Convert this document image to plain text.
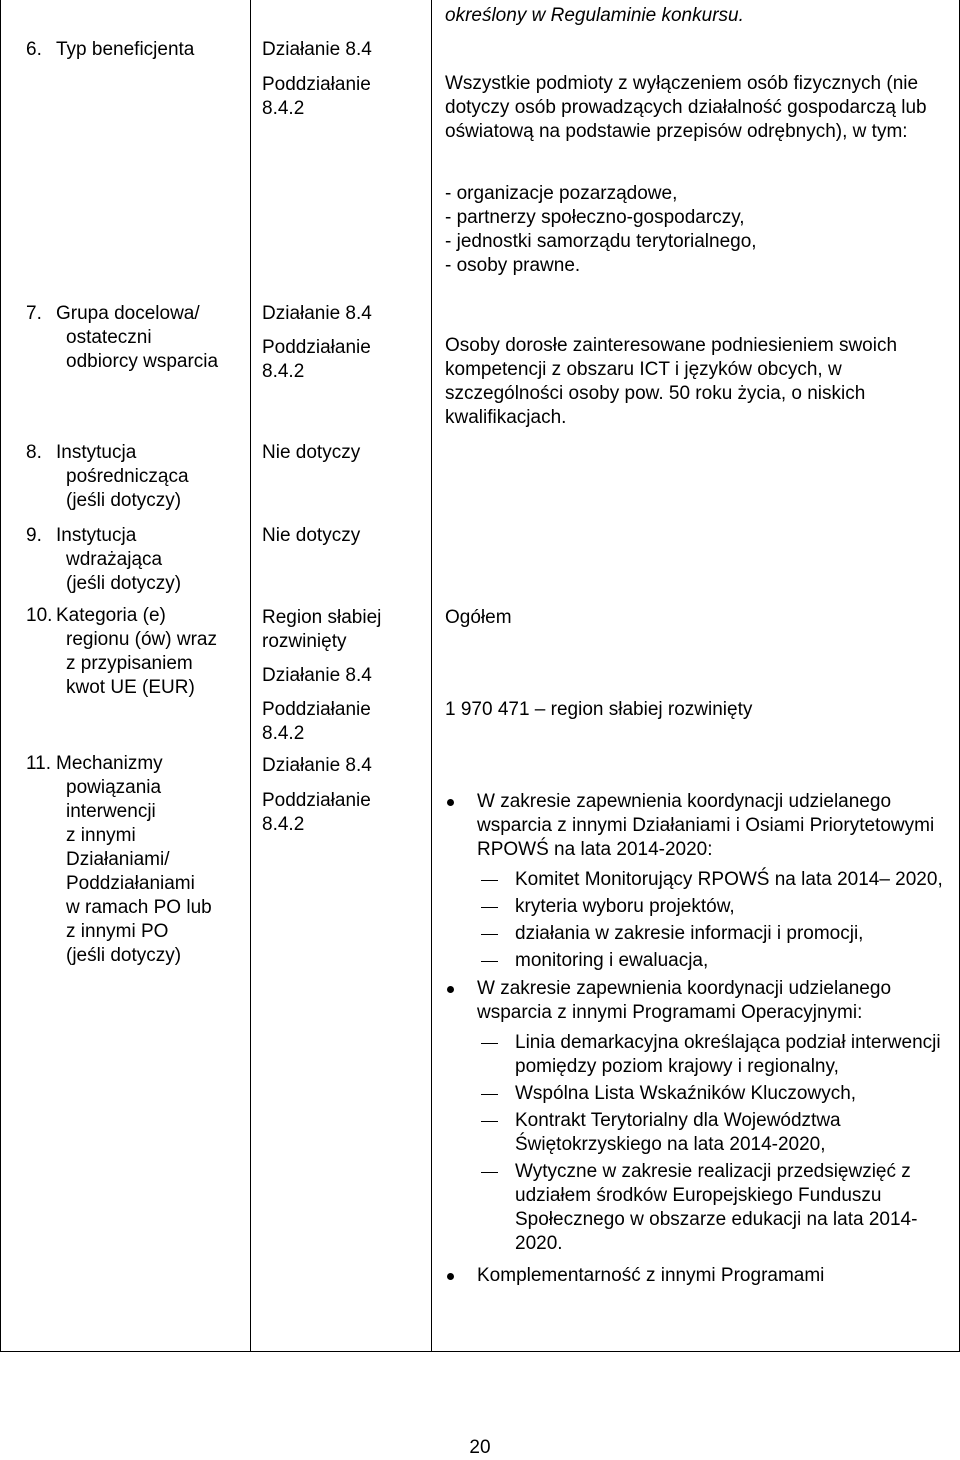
określony w Regulaminie konkursu.
6. Typ beneficjenta	Działanie 8.4
Poddziałanie
8.4.2
Wszystkie podmioty z wyłączeniem osób fizycznych (nie dotyczy osób prowadzących działalność gospodarczą lub oświatową na podstawie przepisów odrębnych), w tym:
- organizacje pozarządowe,
- partnerzy społeczno-gospodarczy,
- jednostki samorządu terytorialnego,
- osoby prawne.
7. Grupa docelowa/
ostateczni
odbiorcy wsparcia
Działanie 8.4
Poddziałanie
8.4.2
Osoby dorosłe zainteresowane podniesieniem swoich kompetencji z obszaru ICT i języków obcych, w szczególności osoby pow. 50 roku życia, o niskich kwalifikacjach.
8. Instytucja
pośrednicząca
(jeśli dotyczy)
Nie dotyczy
9. Instytucja
wdrażająca
(jeśli dotyczy)
Nie dotyczy
10. Kategoria (e)
regionu (ów) wraz
z przypisaniem
kwot UE (EUR)
Region słabiej
rozwinięty
Działanie 8.4
Poddziałanie
8.4.2
Ogółem
1 970 471 – region słabiej rozwinięty
11. Mechanizmy
powiązania
interwencji
z innymi
Działaniami/
Poddziałaniami
w ramach PO lub
z innymi PO
(jeśli dotyczy)
Działanie 8.4
Poddziałanie
8.4.2
W zakresie zapewnienia koordynacji udzielanego wsparcia z innymi Działaniami i Osiami Priorytetowymi RPOWŚ na lata 2014-2020:
Komitet Monitorujący RPOWŚ na lata 2014– 2020,
kryteria wyboru projektów,
działania w zakresie informacji i promocji,
monitoring i ewaluacja,
W zakresie zapewnienia koordynacji udzielanego wsparcia z innymi Programami Operacyjnymi:
Linia demarkacyjna określająca podział interwencji pomiędzy poziom krajowy i regionalny,
Wspólna Lista Wskaźników Kluczowych,
Kontrakt Terytorialny dla Województwa Świętokrzyskiego na lata 2014-2020,
Wytyczne w zakresie realizacji przedsięwzięć z udziałem środków Europejskiego Funduszu Społecznego w obszarze edukacji na lata 2014-2020.
Komplementarność z innymi Programami
20
